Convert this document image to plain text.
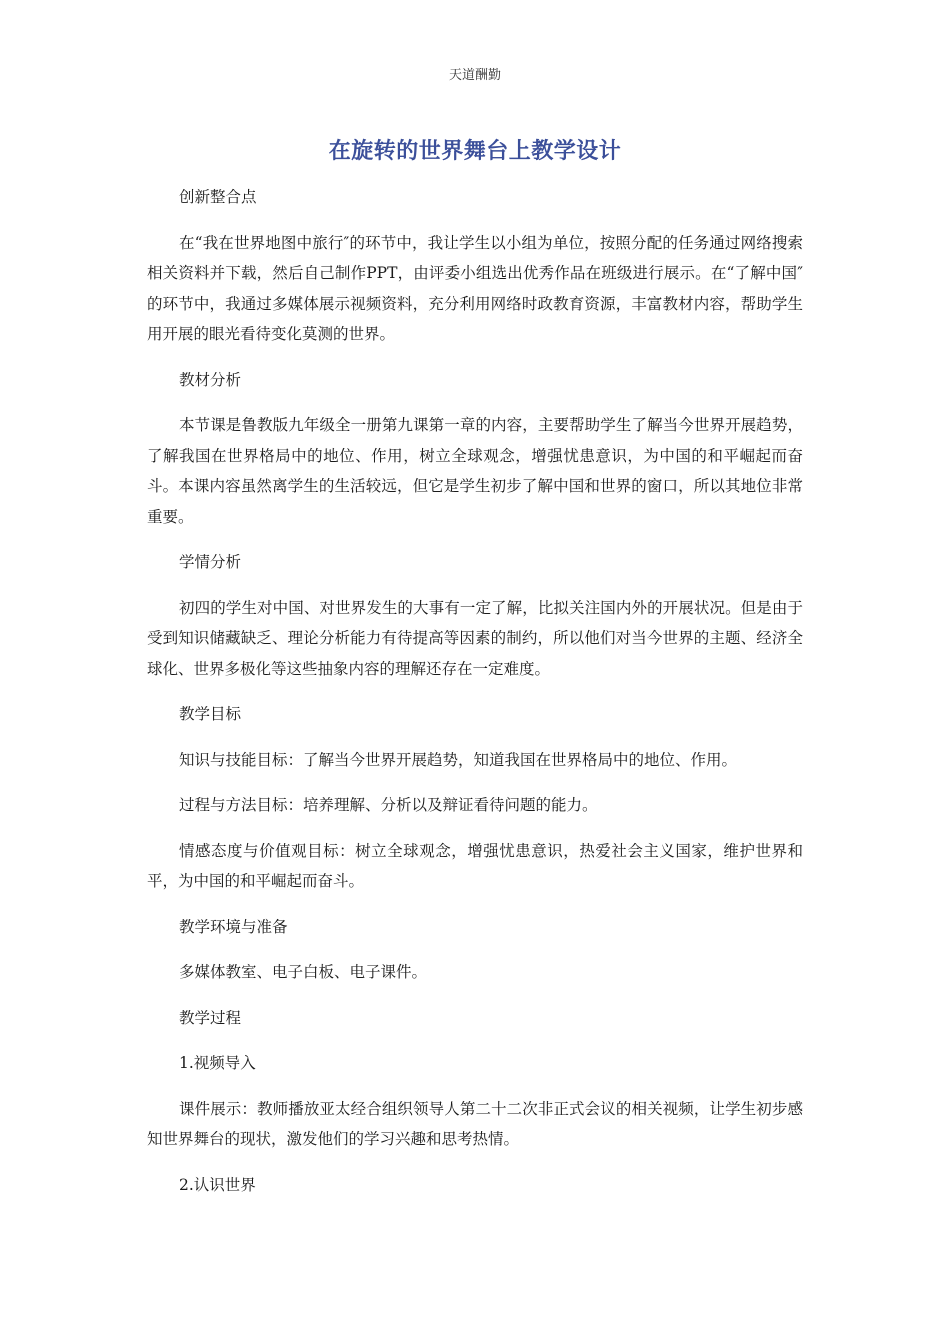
天道酬勤
在旋转的世界舞台上教学设计

创新整合点

在“我在世界地图中旅行″的环节中，我让学生以小组为单位，按照分配的任务通过网络搜索相关资料并下载，然后自己制作PPT，由评委小组选出优秀作品在班级进行展示。在“了解中国″的环节中，我通过多媒体展示视频资料，充分利用网络时政教育资源，丰富教材内容，帮助学生用开展的眼光看待变化莫测的世界。

教材分析

本节课是鲁教版九年级全一册第九课第一章的内容，主要帮助学生了解当今世界开展趋势，了解我国在世界格局中的地位、作用，树立全球观念，增强忧患意识，为中国的和平崛起而奋斗。本课内容虽然离学生的生活较远，但它是学生初步了解中国和世界的窗口，所以其地位非常重要。

学情分析

初四的学生对中国、对世界发生的大事有一定了解，比拟关注国内外的开展状况。但是由于受到知识储藏缺乏、理论分析能力有待提高等因素的制约，所以他们对当今世界的主题、经济全球化、世界多极化等这些抽象内容的理解还存在一定难度。

教学目标

知识与技能目标：了解当今世界开展趋势，知道我国在世界格局中的地位、作用。

过程与方法目标：培养理解、分析以及辩证看待问题的能力。

情感态度与价值观目标：树立全球观念，增强忧患意识，热爱社会主义国家，维护世界和平，为中国的和平崛起而奋斗。

教学环境与准备

多媒体教室、电子白板、电子课件。

教学过程

1.视频导入

课件展示：教师播放亚太经合组织领导人第二十二次非正式会议的相关视频，让学生初步感知世界舞台的现状，激发他们的学习兴趣和思考热情。

2.认识世界
